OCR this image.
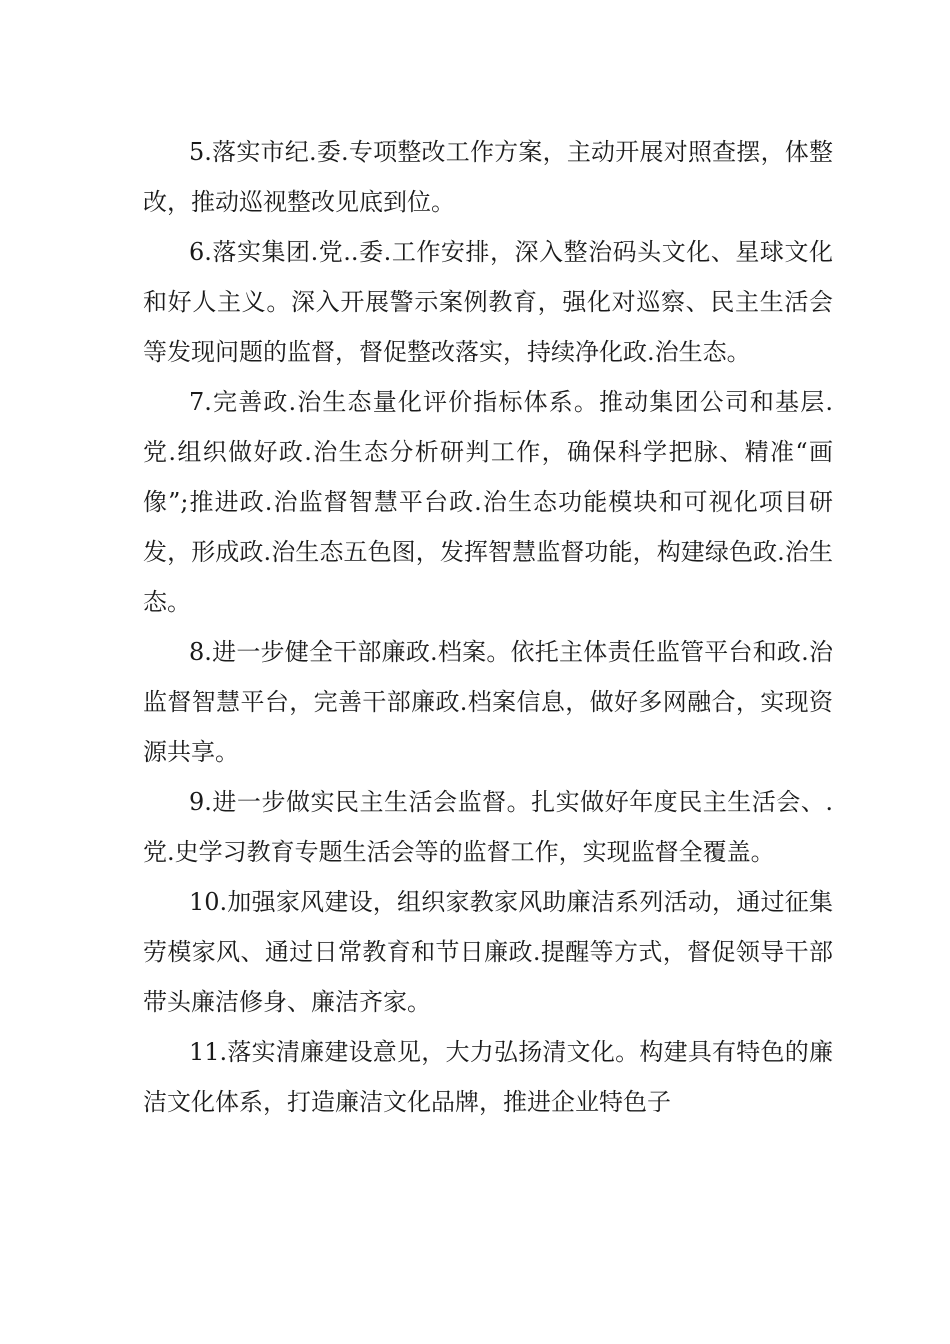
5.落实市纪.委.专项整改工作方案，主动开展对照查摆，体整改，推动巡视整改见底到位。

6.落实集团.党..委.工作安排，深入整治码头文化、星球文化和好人主义。深入开展警示案例教育，强化对巡察、民主生活会等发现问题的监督，督促整改落实，持续净化政.治生态。

7.完善政.治生态量化评价指标体系。推动集团公司和基层.党.组织做好政.治生态分析研判工作，确保科学把脉、精准“画像”;推进政.治监督智慧平台政.治生态功能模块和可视化项目研发，形成政.治生态五色图，发挥智慧监督功能，构建绿色政.治生态。

8.进一步健全干部廉政.档案。依托主体责任监管平台和政.治监督智慧平台，完善干部廉政.档案信息，做好多网融合，实现资源共享。

9.进一步做实民主生活会监督。扎实做好年度民主生活会、.党.史学习教育专题生活会等的监督工作，实现监督全覆盖。

10.加强家风建设，组织家教家风助廉洁系列活动，通过征集劳模家风、通过日常教育和节日廉政.提醒等方式，督促领导干部带头廉洁修身、廉洁齐家。

11.落实清廉建设意见，大力弘扬清文化。构建具有特色的廉洁文化体系，打造廉洁文化品牌，推进企业特色子
